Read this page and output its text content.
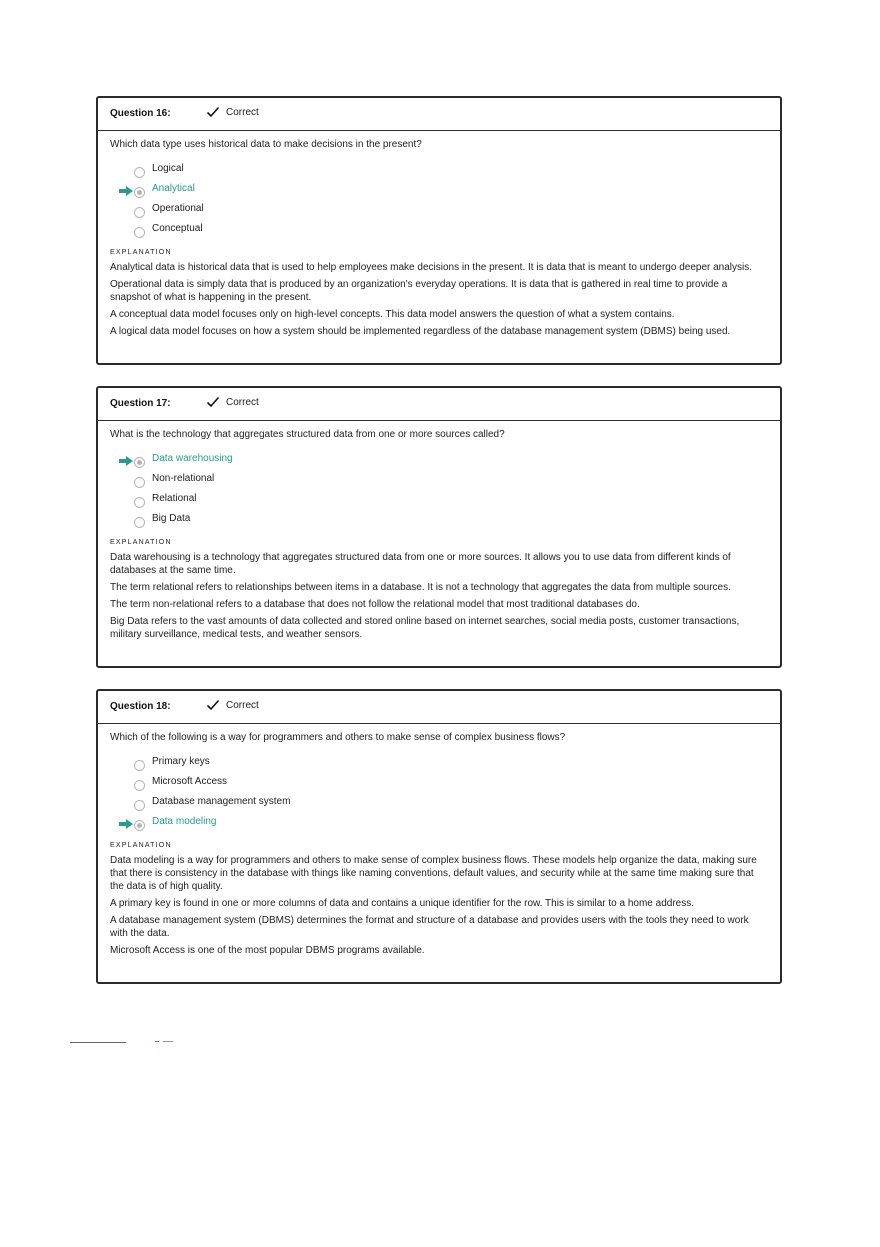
Question 16:	Correct

Which data type uses historical data to make decisions in the present?

Logical
Analytical
Operational
Conceptual
EXPLANATION

Analytical data is historical data that is used to help employees make decisions in the present. It is data that is meant to undergo deeper analysis.

Operational data is simply data that is produced by an organization's everyday operations. It is data that is gathered in real time to provide a snapshot of what is happening in the present.

A conceptual data model focuses only on high-level concepts. This data model answers the question of what a system contains.

A logical data model focuses on how a system should be implemented regardless of the database management system (DBMS) being used.

Question 17:	Correct

What is the technology that aggregates structured data from one or more sources called?

Data warehousing
Non-relational
Relational
Big Data
EXPLANATION

Data warehousing is a technology that aggregates structured data from one or more sources. It allows you to use data from different kinds of databases at the same time.

The term relational refers to relationships between items in a database. It is not a technology that aggregates the data from multiple sources.

The term non-relational refers to a database that does not follow the relational model that most traditional databases do.

Big Data refers to the vast amounts of data collected and stored online based on internet searches, social media posts, customer transactions, military surveillance, medical tests, and weather sensors.

Question 18:	Correct

Which of the following is a way for programmers and others to make sense of complex business flows?

Primary keys
Microsoft Access
Database management system
Data modeling
EXPLANATION

Data modeling is a way for programmers and others to make sense of complex business flows. These models help organize the data, making sure that there is consistency in the database with things like naming conventions, default values, and security while at the same time making sure that the data is of high quality.

A primary key is found in one or more columns of data and contains a unique identifier for the row. This is similar to a home address.

A database management system (DBMS) determines the format and structure of a database and provides users with the tools they need to work with the data.

Microsoft Access is one of the most popular DBMS programs available.
